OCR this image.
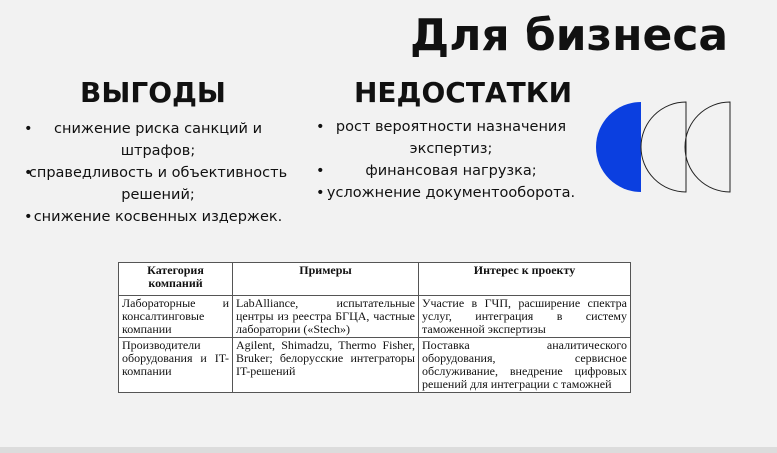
Для бизнеса
ВЫГОДЫ	НЕДОСТАТКИ
• снижение риска санкций и штрафов;
• справедливость и объективность решений;
• снижение косвенных издержек.
• рост вероятности назначения экспертиз;
• финансовая нагрузка;
• усложнение документооборота.
Категория компаний	Примеры	Интерес к проекту
Лабораторные и консалтинговые компании	LabAlliance, испытательные центры из реестра БГЦА, частные лаборатории («Stech»)	Участие в ГЧП, расширение спектра услуг, интеграция в систему таможенной экспертизы
Производители оборудования и IT-компании	Agilent, Shimadzu, Thermo Fisher, Bruker; белорусские интеграторы IT-решений	Поставка аналитического оборудования, сервисное обслуживание, внедрение цифровых решений для интеграции с таможней
